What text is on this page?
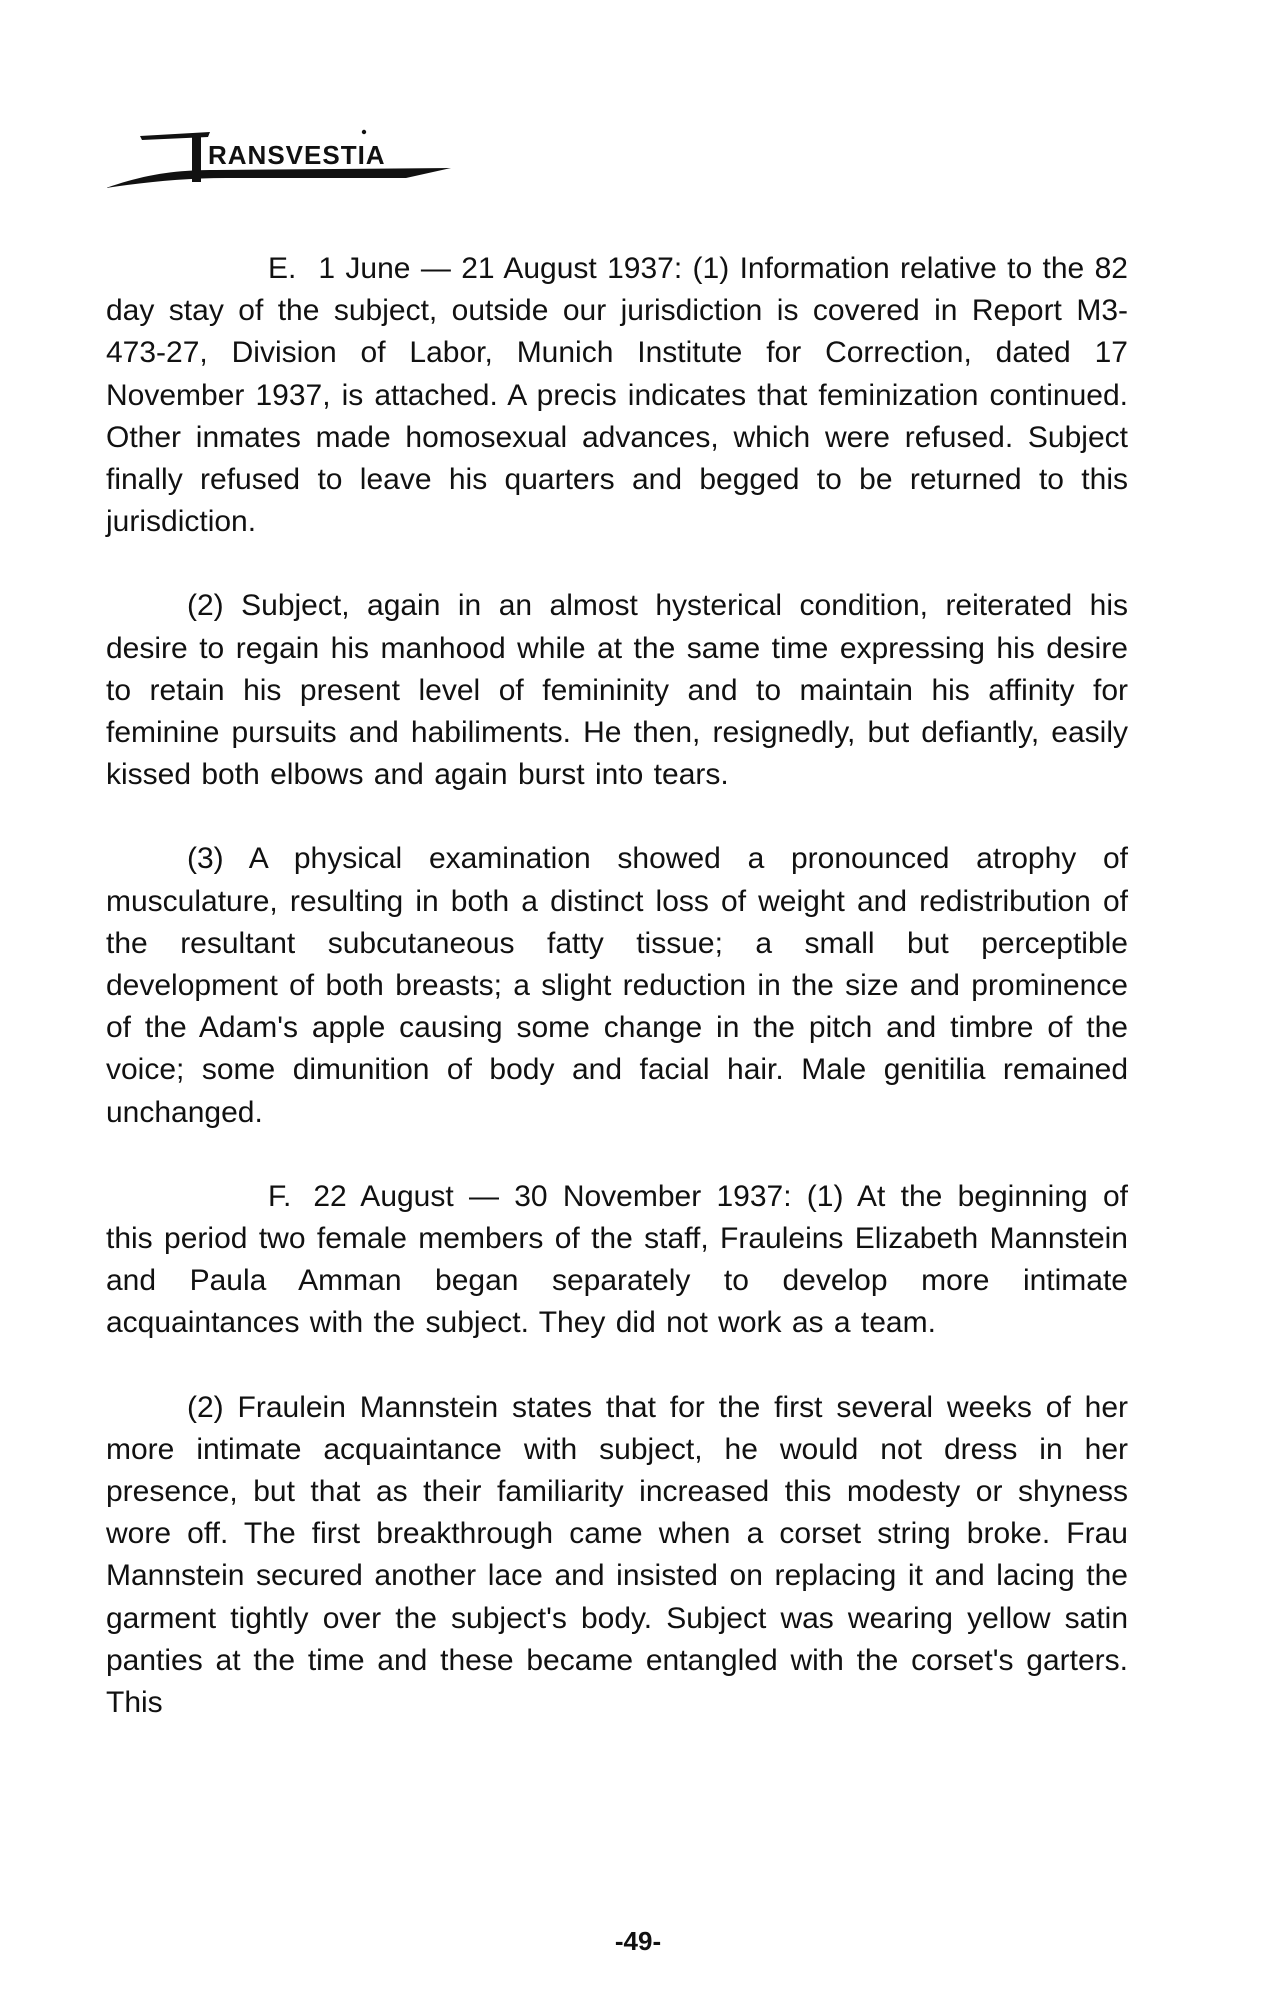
RANSVESTIA

E. 1 June — 21 August 1937: (1) Information relative to the 82 day stay of the subject, outside our jurisdiction is covered in Report M3-473-27, Division of Labor, Munich Institute for Correction, dated 17 November 1937, is attached. A precis indicates that feminization continued. Other inmates made homosexual advances, which were refused. Subject finally refused to leave his quarters and begged to be returned to this jurisdiction.

(2) Subject, again in an almost hysterical condition, reiterated his desire to regain his manhood while at the same time expressing his desire to retain his present level of femininity and to maintain his affinity for feminine pursuits and habiliments. He then, resignedly, but defiantly, easily kissed both elbows and again burst into tears.

(3) A physical examination showed a pronounced atrophy of musculature, resulting in both a distinct loss of weight and redistribution of the resultant subcutaneous fatty tissue; a small but perceptible development of both breasts; a slight reduction in the size and prominence of the Adam's apple causing some change in the pitch and timbre of the voice; some dimunition of body and facial hair. Male genitilia remained unchanged.

F. 22 August — 30 November 1937: (1) At the beginning of this period two female members of the staff, Frauleins Elizabeth Mannstein and Paula Amman began separately to develop more intimate acquaintances with the subject. They did not work as a team.

(2) Fraulein Mannstein states that for the first several weeks of her more intimate acquaintance with subject, he would not dress in her presence, but that as their familiarity increased this modesty or shyness wore off. The first breakthrough came when a corset string broke. Frau Mannstein secured another lace and insisted on replacing it and lacing the garment tightly over the subject's body. Subject was wearing yellow satin panties at the time and these became entangled with the corset's garters. This

-49-
